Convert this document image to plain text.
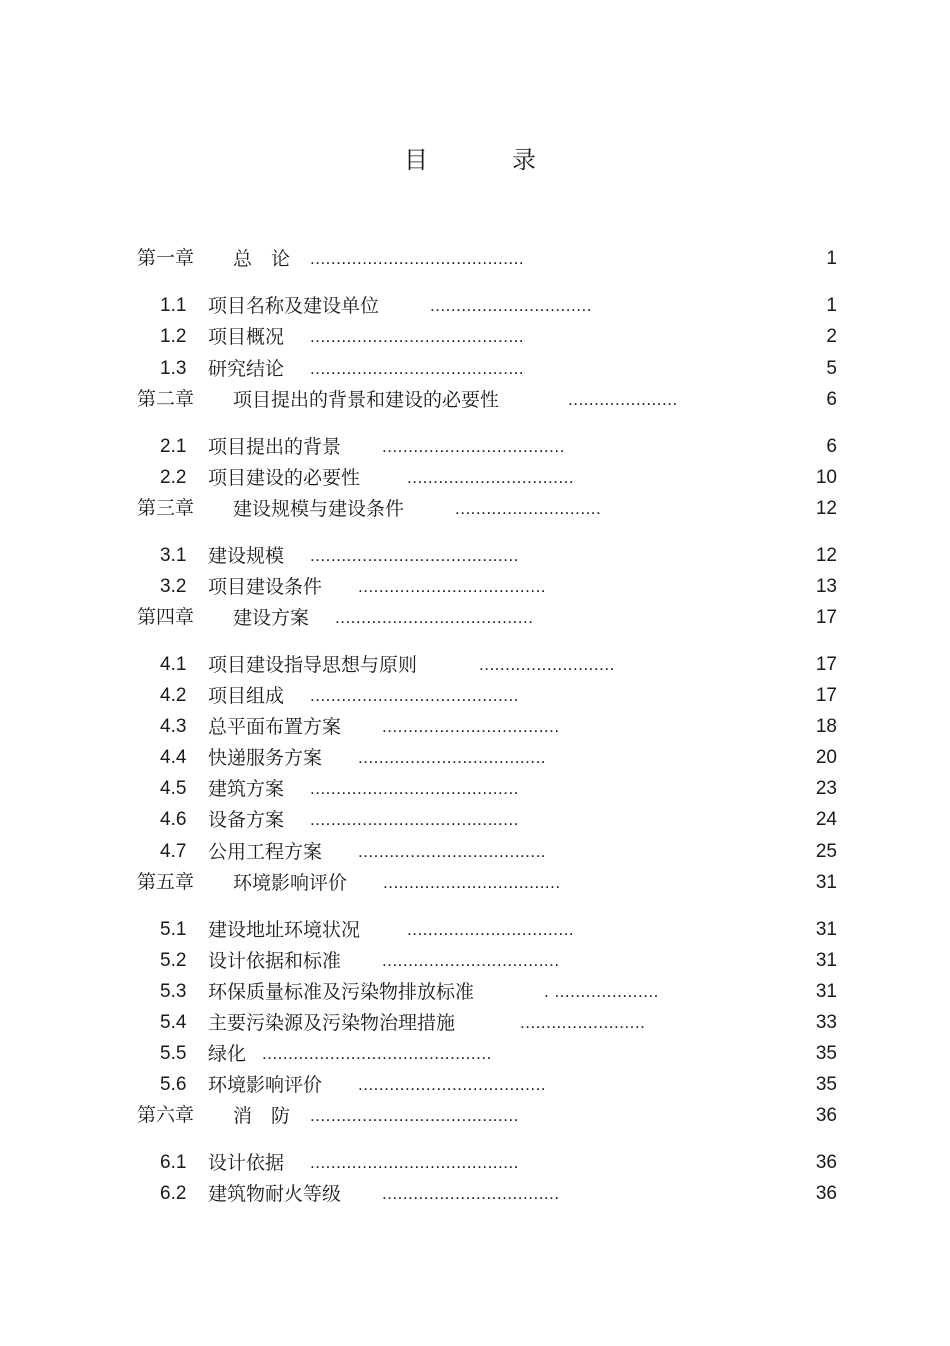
目　录
第一章 总　论 .........................................	1
1.1 项目名称及建设单位	...............................	1
1.2 项目概况 .........................................	2
1.3 研究结论 .........................................	5
第二章 项目提出的背景和建设的必要性	.....................	6
2.1 项目提出的背景 ...................................	6
2.2 项目建设的必要性	................................	10
第三章 建设规模与建设条件	............................	12
3.1 建设规模 ........................................	12
3.2 项目建设条件 ....................................	13
第四章 建设方案 ......................................	17
4.1 项目建设指导思想与原则	..........................	17
4.2 项目组成 ........................................	17
4.3 总平面布置方案 ..................................	18
4.4 快递服务方案 ....................................	20
4.5 建筑方案 ........................................	23
4.6 设备方案 ........................................	24
4.7 公用工程方案 ....................................	25
第五章 环境影响评价 ..................................	31
5.1 建设地址环境状况	................................	31
5.2 设计依据和标准 ..................................	31
5.3 环保质量标准及污染物排放标准	. ....................	31
5.4 主要污染源及污染物治理措施	........................	33
5.5 绿化 ............................................	35
5.6 环境影响评价 ....................................	35
第六章 消　防 ........................................	36
6.1 设计依据 ........................................	36
6.2 建筑物耐火等级 ..................................	36
